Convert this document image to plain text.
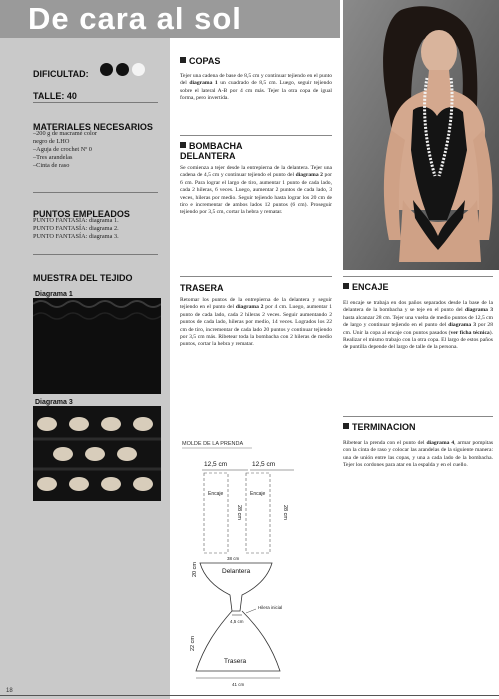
De cara al sol
DIFICULTAD:
TALLE: 40
MATERIALES NECESARIOS
–200 g de macramé color
negro de LHO
–Aguja de crochet Nº 0
–Tres arandelas
–Cinta de raso
PUNTOS EMPLEADOS
PUNTO FANTASÍA: diagrama 1.
PUNTO FANTASÍA: diagrama 2.
PUNTO FANTASÍA: diagrama 3.
MUESTRA DEL TEJIDO
Diagrama 1
Diagrama 3
COPAS
Tejer una cadena de base de 8,5 cm y continuar tejiendo en el punto del diagrama 1 un cuadrado de 8,5 cm. Luego, seguir tejiendo sobre el lateral A-B por 4 cm más. Tejer la otra copa de igual forma, pero invertida.
BOMBACHA
DELANTERA
Se comienza a tejer desde la entrepierna de la delantera. Tejer una cadena de 4,5 cm y continuar tejiendo el punto del diagrama 2 por 6 cm. Para lograr el largo de tiro, aumentar 1 punto de cada lado, cada 2 hileras, 6 veces. Luego, aumentar 2 puntos de cada lado, 3 veces, hileras por medio. Seguir tejiendo hasta lograr los 20 cm de tiro e incrementar de ambos lados 12 puntos (6 cm). Proseguir tejiendo por 3,5 cm, cortar la hebra y rematar.
TRASERA
Retomar los puntos de la entrepierna de la delantera y seguir tejiendo en el punto del diagrama 2 por 4 cm. Luego, aumentar 1 punto de cada lado, cada 2 hileras 2 veces. Seguir aumentando 2 puntos de cada lado, hileras por medio, 14 veces. Logrados los 22 cm de tiro, incrementar de cada lado 20 puntos y continuar tejiendo por 3,5 cm más. Ribetear toda la bombacha con 2 hileras de medio puntos, cortar la hebra y rematar.
ENCAJE
El encaje se trabaja en dos paños separados desde la base de la delantera de la bombacha y se teje en el punto del diagrama 3 hasta alcanzar 28 cm. Tejer una vuelta de medio puntos de 12,5 cm de largo y continuar tejiendo en el punto del diagrama 3 por 28 cm. Unir la copa al encaje con puntos pasados (ver ficha técnica). Realizar el mismo trabajo con la otra copa. El largo de estos paños de puntilla depende del largo de talle de la persona.
TERMINACION
Ribetear la prenda con el punto del diagrama 4, armar pompitas con la cinta de raso y colocar las arandelas de la siguiente manera: una de unión entre las copas, y una a cada lado de la bombacha. Tejer los cordones para atar en la espalda y en el cuello.
MOLDE DE LA PRENDA
12,5 cm	12,5 cm
Encaje	Encaje
28 cm	28 cm
38 cm
Delantera
20 cm
4,5 cm
Hilera inicial
22 cm
Trasera
41 cm
18
